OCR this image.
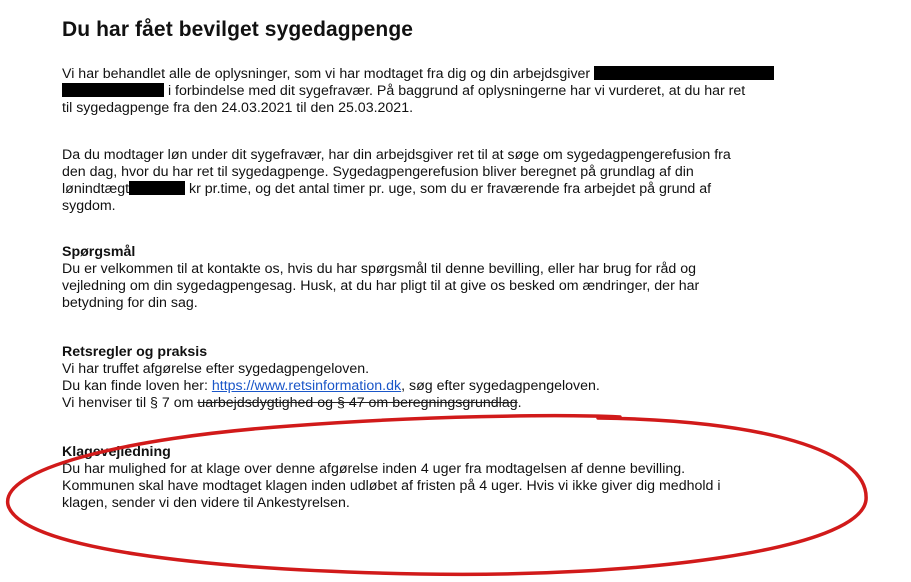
Du har fået bevilget sygedagpenge

Vi har behandlet alle de oplysninger, som vi har modtaget fra dig og din arbejdsgiver
i forbindelse med dit sygefravær. På baggrund af oplysningerne har vi vurderet, at du har ret
til sygedagpenge fra den 24.03.2021 til den 25.03.2021.

Da du modtager løn under dit sygefravær, har din arbejdsgiver ret til at søge om sygedagpengerefusion fra
den dag, hvor du har ret til sygedagpenge. Sygedagpengerefusion bliver beregnet på grundlag af din
lønindtægt	kr pr.time, og det antal timer pr. uge, som du er fraværende fra arbejdet på grund af
sygdom.

Spørgsmål
Du er velkommen til at kontakte os, hvis du har spørgsmål til denne bevilling, eller har brug for råd og
vejledning om din sygedagpengesag. Husk, at du har pligt til at give os besked om ændringer, der har
betydning for din sag.

Retsregler og praksis
Vi har truffet afgørelse efter sygedagpengeloven.
Du kan finde loven her: https://www.retsinformation.dk, søg efter sygedagpengeloven.
Vi henviser til § 7 om uarbejdsdygtighed og § 47 om beregningsgrundlag.

Klagevejledning
Du har mulighed for at klage over denne afgørelse inden 4 uger fra modtagelsen af denne bevilling.
Kommunen skal have modtaget klagen inden udløbet af fristen på 4 uger. Hvis vi ikke giver dig medhold i
klagen, sender vi den videre til Ankestyrelsen.
